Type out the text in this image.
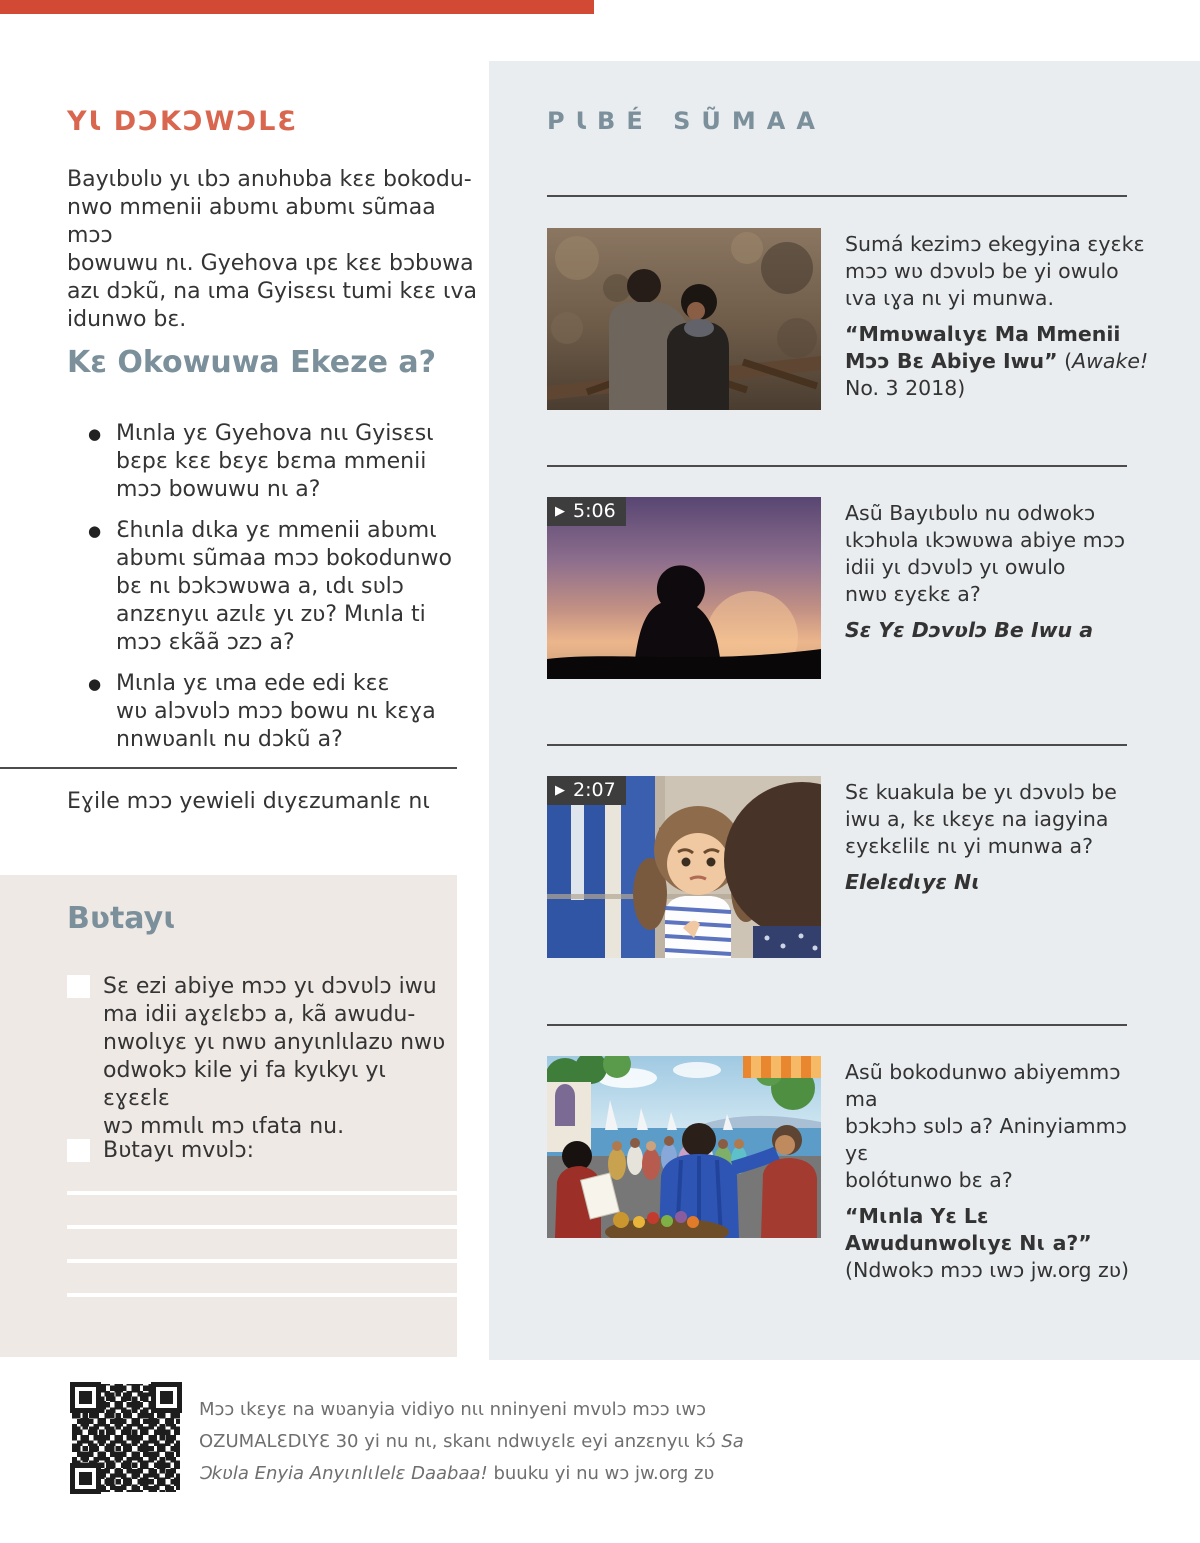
YƖ DƆKƆWƆLƐ
Bayɩbʋlʋ yɩ ɩbɔ anʋhʋba kɛɛ bokodu-
nwo mmenii abʋmɩ abʋmɩ sũmaa mɔɔ
bowuwu nɩ. Gyehova ɩpɛ kɛɛ bɔbʋwa
azɩ dɔkũ, na ɩma Gyisɛsɩ tumi kɛɛ ɩva
idunwo bɛ.
Kɛ Okowuwa Ekeze a?
● Mɩnla yɛ Gyehova nɩɩ Gyisɛsɩ
bɛpɛ kɛɛ bɛyɛ bɛma mmenii
mɔɔ bowuwu nɩ a?
● Ɛhɩnla dɩka yɛ mmenii abʋmɩ
abʋmɩ sũmaa mɔɔ bokodunwo
bɛ nɩ bɔkɔwʋwa a, ɩdɩ sʋlɔ
anzɛnyɩɩ azɩlɛ yɩ zʋ? Mɩnla ti
mɔɔ ɛkãã ɔzɔ a?
● Mɩnla yɛ ɩma ede edi kɛɛ
wʋ alɔvʋlɔ mɔɔ bowu nɩ kɛɣa
nnwʋanlɩ nu dɔkũ a?
Eɣile mɔɔ yewieli dɩyɛzumanlɛ nɩ
Bʋtayɩ
Sɛ ezi abiye mɔɔ yɩ dɔvʋlɔ iwu
ma idii aɣɛlɛbɔ a, kã awudu-
nwolɩyɛ yɩ nwʋ anyɩnlɩlazʋ nwʋ
odwokɔ kile yi fa kyɩkyɩ yɩ ɛɣɛɛlɛ
wɔ mmɩlɩ mɔ ɩfata nu.
Bʋtayɩ mvʋlɔ:
PƖBÉ SŨMAA
Sumá kezimɔ ekegyina ɛyɛkɛ
mɔɔ wʋ dɔvʋlɔ be yi owulo
ɩva ɩɣa nɩ yi munwa.
“Mmʋwalɩyɛ Ma Mmenii Mɔɔ Bɛ Abiye Iwu” (Awake! No. 3 2018)
▶ 5:06	Asũ Bayɩbʋlʋ nu odwokɔ
ɩkɔhʋla ɩkɔwʋwa abiye mɔɔ
idii yɩ dɔvʋlɔ yɩ owulo
nwʋ ɛyɛkɛ a?
Sɛ Yɛ Dɔvʋlɔ Be Iwu a
▶ 2:07	Sɛ kuakula be yɩ dɔvʋlɔ be
iwu a, kɛ ɩkɛyɛ na iagyina
ɛyɛkɛlilɛ nɩ yi munwa a?
Elelɛdɩyɛ Nɩ
Asũ bokodunwo abiyemmɔ ma
bɔkɔhɔ sʋlɔ a? Aninyiammɔ yɛ
bolótunwo bɛ a?
“Mɩnla Yɛ Lɛ Awudunwolɩyɛ Nɩ a?” (Ndwokɔ mɔɔ ɩwɔ jw.org zʋ)
Mɔɔ ɩkɛyɛ na wʋanyia vidiyo nɩɩ nninyeni mvʋlɔ mɔɔ ɩwɔ
OZUMALƐDƖYƐ 30 yi nu nɩ, skanɩ ndwɩyɛlɛ eyi anzɛnyɩɩ kɔ́ Sa
Ɔkʋla Enyia Anyɩnlɩlelɛ Daabaa! buuku yi nu wɔ jw.org zʋ
